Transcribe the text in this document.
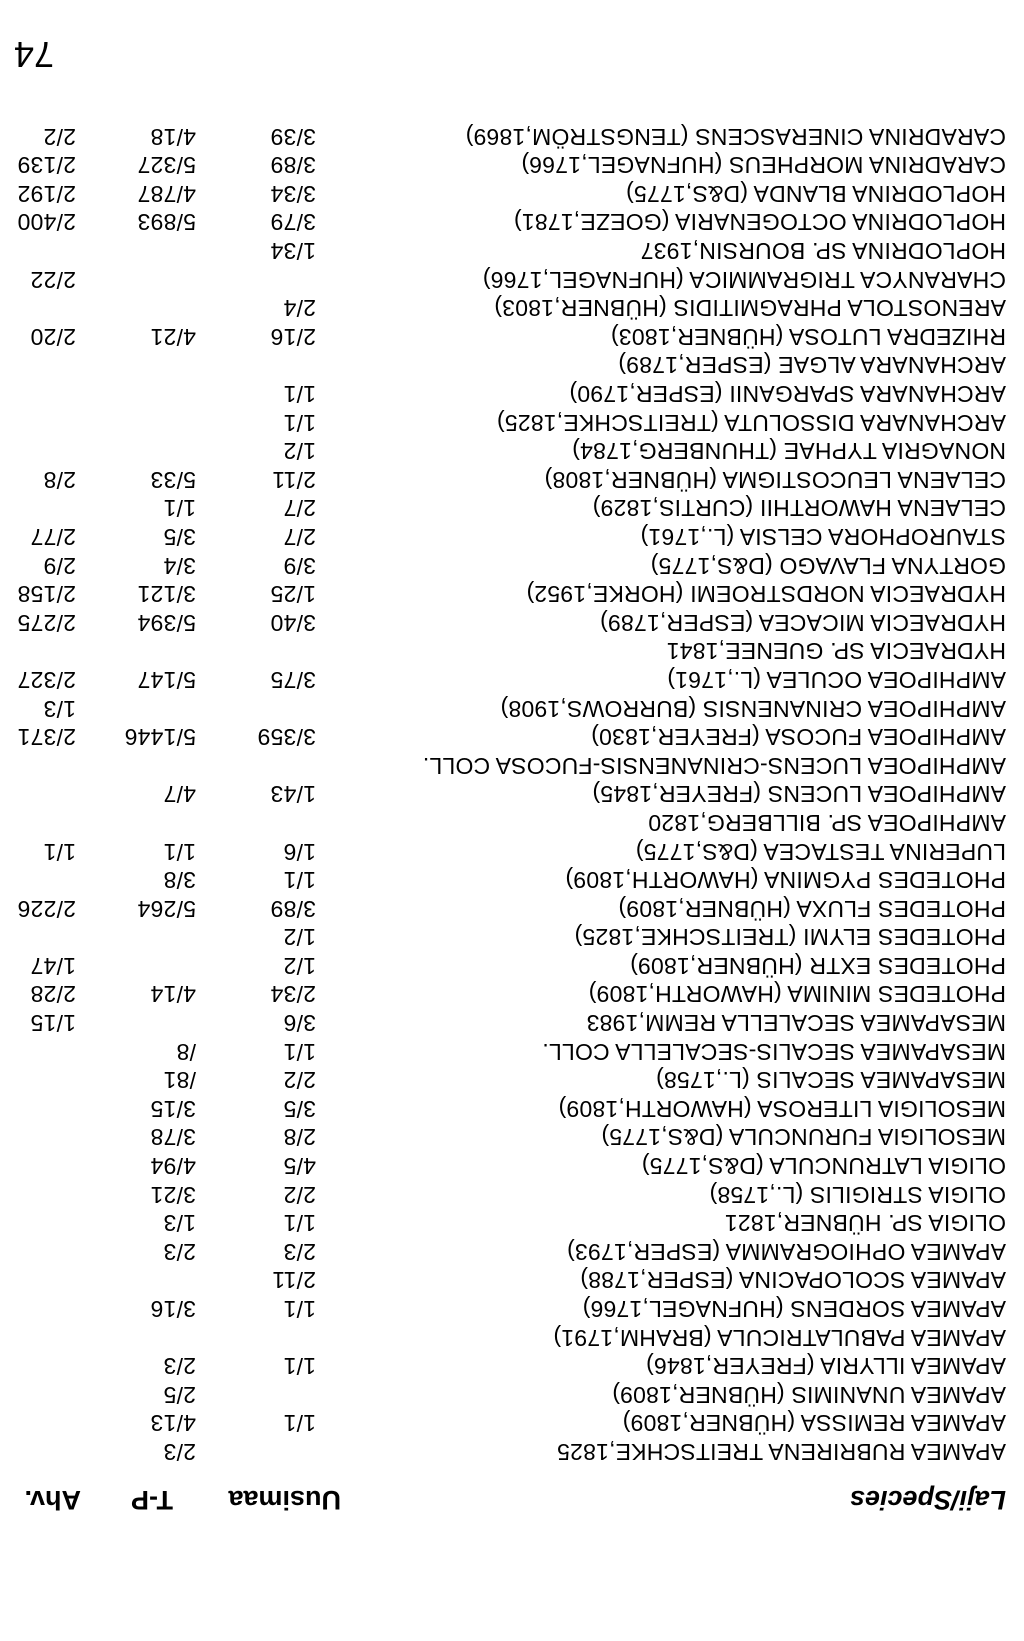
74
Laji/Species
Uusimaa
T-P
Ahv.
APAMEA RUBRIRENA TREITSCHKE,1825
2/3
APAMEA REMISSA (HÜBNER,1809)
1/1
4/13
APAMEA UNANIMIS (HÜBNER,1809)
2/5
APAMEA ILLYRIA (FREYER,1846)
1/1
2/3
APAMEA PABULATRICULA (BRAHM,1791)
APAMEA SORDENS (HUFNAGEL,1766)
1/1
3/16
APAMEA SCOLOPACINA (ESPER,1788)
2/11
APAMEA OPHIOGRAMMA (ESPER,1793)
2/3
2/3
OLIGIA SP. HÜBNER,1821
1/1
1/3
OLIGIA STRIGILIS (L.,1758)
2/2
3/21
OLIGIA LATRUNCULA (D&S,1775)
4/5
4/94
MESOLIGIA FURUNCULA (D&S,1775)
2/8
3/78
MESOLIGIA LITEROSA (HAWORTH,1809)
3/5
3/15
MESAPAMEA SECALIS (L.,1758)
2/2
/81
MESAPAMEA SECALIS-SECALELLA COLL.
1/1
/8
MESAPAMEA SECALELLA REMM,1983
3/6
1/15
PHOTEDES MINIMA (HAWORTH,1809)
2/34
4/14
2/28
PHOTEDES EXTR (HÜBNER,1809)
1/2
1/47
PHOTEDES ELYMI (TREITSCHKE,1825)
1/2
PHOTEDES FLUXA (HÜBNER,1809)
3/89
5/264
2/226
PHOTEDES PYGMINA (HAWORTH,1809)
1/1
3/8
LUPERINA TESTACEA (D&S,1775)
1/6
1/1
1/1
AMPHIPOEA SP. BILLBERG,1820
AMPHIPOEA LUCENS (FREYER,1845)
1/43
4/7
AMPHIPOEA LUCENS-CRINANENSIS-FUCOSA COLL.
AMPHIPOEA FUCOSA (FREYER,1830)
3/359
5/1446
2/371
AMPHIPOEA CRINANENSIS (BURROWS,1908)
1/3
AMPHIPOEA OCULEA (L.,1761)
3/75
5/147
2/327
HYDRAECIA SP. GUENEE,1841
HYDRAECIA MICACEA (ESPER,1789)
3/40
5/394
2/275
HYDRAECIA NORDSTROEMI (HORKE,1952)
1/25
3/121
2/158
GORTYNA FLAVAGO (D&S,1775)
3/9
3/4
2/9
STAUROPHORA CELSIA (L.,1761)
2/7
3/5
2/77
CELAENA HAWORTHII (CURTIS,1829)
2/7
1/1
CELAENA LEUCOSTIGMA (HÜBNER,1808)
2/11
5/33
2/8
NONAGRIA TYPHAE (THUNBERG,1784)
1/2
ARCHANARA DISSOLUTA (TREITSCHKE,1825)
1/1
ARCHANARA SPARGANII (ESPER,1790)
1/1
ARCHANARA ALGAE (ESPER,1789)
RHIZEDRA LUTOSA (HÜBNER,1803)
2/16
4/21
2/20
ARENOSTOLA PHRAGMITIDIS (HÜBNER,1803)
2/4
CHARANYCA TRIGRAMMICA (HUFNAGEL,1766)
2/22
HOPLODRINA SP. BOURSIN,1937
1/34
HOPLODRINA OCTOGENARIA (GOEZE,1781)
3/79
5/893
2/400
HOPLODRINA BLANDA (D&S,1775)
3/34
4/787
2/192
CARADRINA MORPHEUS (HUFNAGEL,1766)
3/89
5/327
2/139
CARADRINA CINERASCENS (TENGSTRÖM,1869)
3/39
4/18
2/2
